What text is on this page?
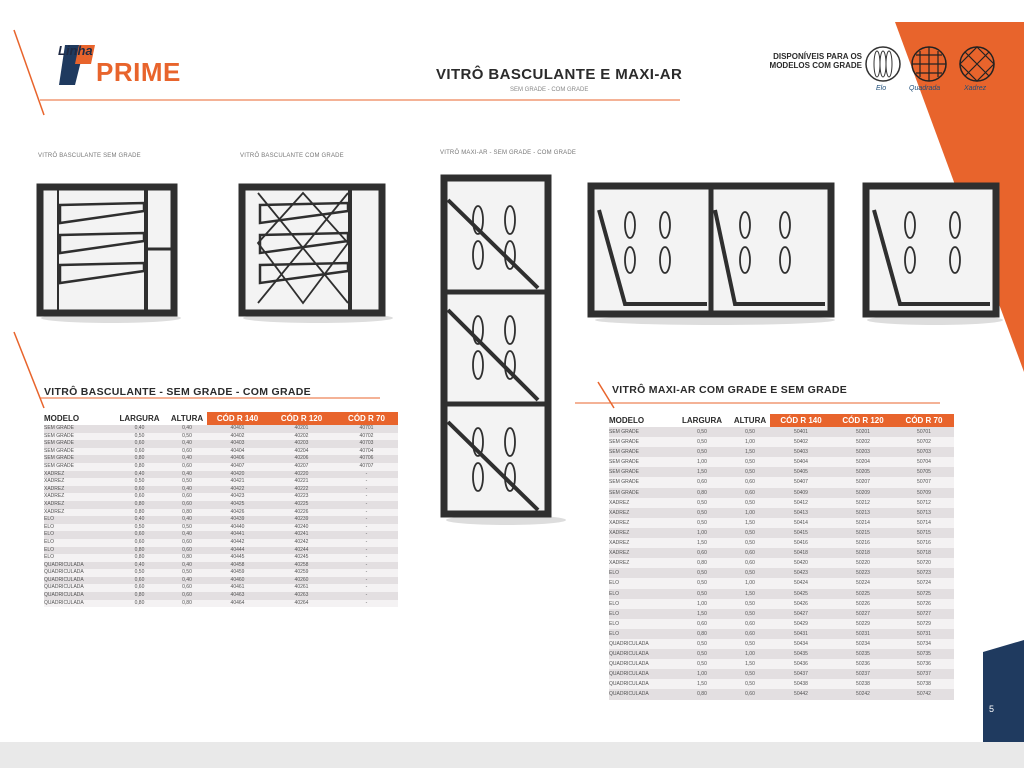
Linha
PRIME	VITRÔ BASCULANTE E MAXI-AR
SEM GRADE - COM GRADE
DISPONÍVEIS PARA OS MODELOS COM GRADE
Elo	Quadrada	Xadrez
VITRÔ BASCULANTE SEM GRADE	VITRÔ BASCULANTE COM GRADE	VITRÔ MAXI-AR - SEM GRADE - COM GRADE
VITRÔ BASCULANTE - SEM GRADE - COM GRADE	VITRÔ MAXI-AR COM GRADE E SEM GRADE
MODELO	LARGURA	ALTURA	CÓD R 140	CÓD R 120	CÓD R 70
SEM GRADE	0,40	0,40	40401	40201	40701
SEM GRADE	0,50	0,50	40402	40202	40702
SEM GRADE	0,60	0,40	40403	40203	40703
SEM GRADE	0,60	0,60	40404	40204	40704
SEM GRADE	0,80	0,40	40406	40206	40706
SEM GRADE	0,80	0,60	40407	40207	40707
XADREZ	0,40	0,40	40420	40220	-
XADREZ	0,50	0,50	40421	40221	-
XADREZ	0,60	0,40	40422	40222	-
XADREZ	0,60	0,60	40423	40223	-
XADREZ	0,80	0,60	40425	40225	-
XADREZ	0,80	0,80	40426	40226	-
ELO	0,40	0,40	40439	40239	-
ELO	0,50	0,50	40440	40240	-
ELO	0,60	0,40	40441	40241	-
ELO	0,60	0,60	40442	40242	-
ELO	0,80	0,60	40444	40244	-
ELO	0,80	0,80	40445	40245	-
QUADRICULADA	0,40	0,40	40458	40258	-
QUADRICULADA	0,50	0,50	40459	40259	-
QUADRICULADA	0,60	0,40	40460	40260	-
QUADRICULADA	0,60	0,60	40461	40261	-
QUADRICULADA	0,80	0,60	40463	40263	-
QUADRICULADA	0,80	0,80	40464	40264	-
MODELO	LARGURA	ALTURA	CÓD R 140	CÓD R 120	CÓD R 70
SEM GRADE	0,50	0,50	50401	50201	50701
SEM GRADE	0,50	1,00	50402	50202	50702
SEM GRADE	0,50	1,50	50403	50203	50703
SEM GRADE	1,00	0,50	50404	50204	50704
SEM GRADE	1,50	0,50	50405	50205	50705
SEM GRADE	0,60	0,60	50407	50207	50707
SEM GRADE	0,80	0,60	50409	50209	50709
XADREZ	0,50	0,50	50412	50212	50712
XADREZ	0,50	1,00	50413	50213	50713
XADREZ	0,50	1,50	50414	50214	50714
XADREZ	1,00	0,50	50415	50215	50715
XADREZ	1,50	0,50	50416	50216	50716
XADREZ	0,60	0,60	50418	50218	50718
XADREZ	0,80	0,60	50420	50220	50720
ELO	0,50	0,50	50423	50223	50723
ELO	0,50	1,00	50424	50224	50724
ELO	0,50	1,50	50425	50225	50725
ELO	1,00	0,50	50426	50226	50726
ELO	1,50	0,50	50427	50227	50727
ELO	0,60	0,60	50429	50229	50729
ELO	0,80	0,60	50431	50231	50731
QUADRICULADA	0,50	0,50	50434	50234	50734
QUADRICULADA	0,50	1,00	50435	50235	50735
QUADRICULADA	0,50	1,50	50436	50236	50736
QUADRICULADA	1,00	0,50	50437	50237	50737
QUADRICULADA	1,50	0,50	50438	50238	50738
QUADRICULADA	0,80	0,60	50442	50242	50742
5
